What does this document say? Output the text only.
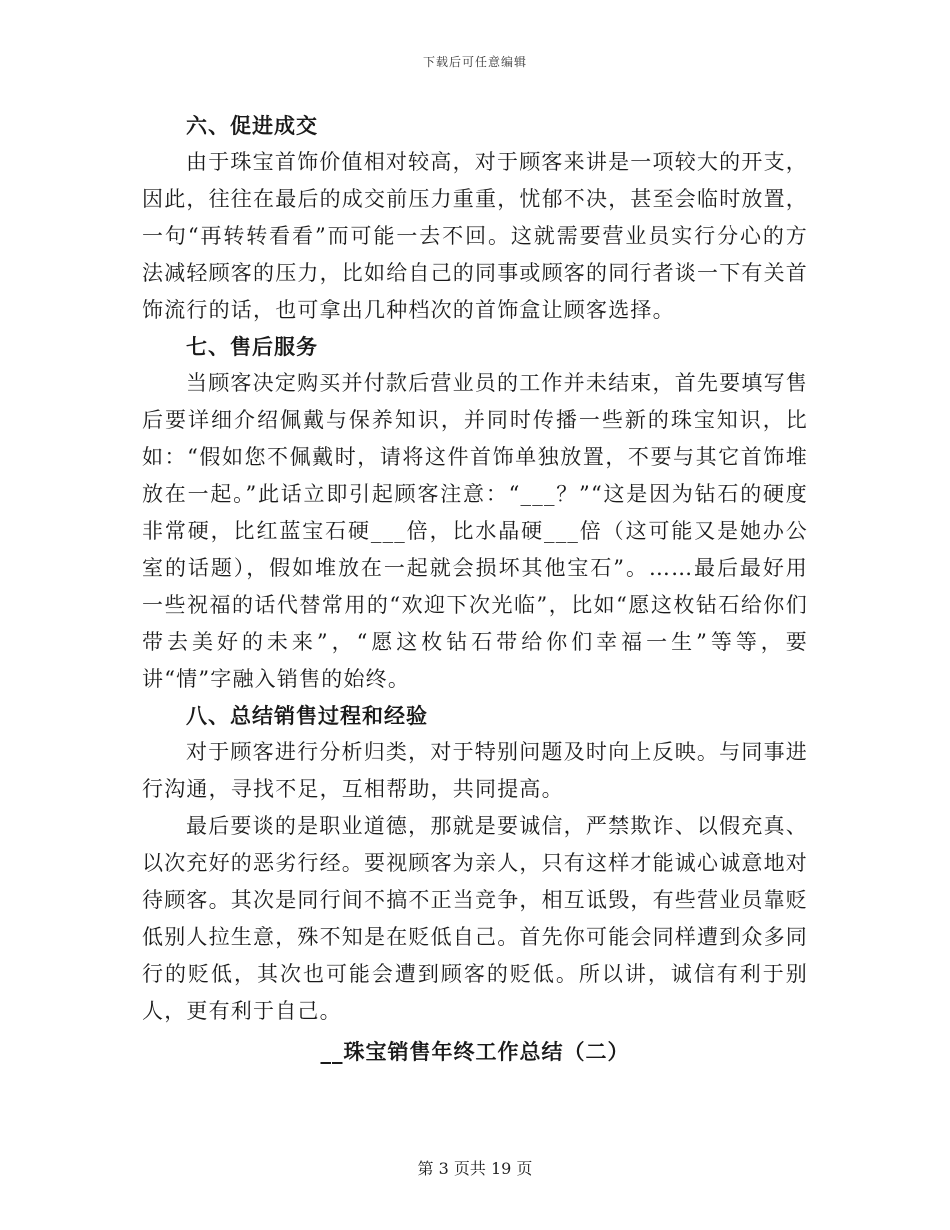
下载后可任意编辑

六、促进成交

由于珠宝首饰价值相对较高，对于顾客来讲是一项较大的开支，因此，往往在最后的成交前压力重重，忧郁不决，甚至会临时放置，一句“再转转看看”而可能一去不回。这就需要营业员实行分心的方法减轻顾客的压力，比如给自己的同事或顾客的同行者谈一下有关首饰流行的话，也可拿出几种档次的首饰盒让顾客选择。

七、售后服务

当顾客决定购买并付款后营业员的工作并未结束，首先要填写售后要详细介绍佩戴与保养知识，并同时传播一些新的珠宝知识，比如：“假如您不佩戴时，请将这件首饰单独放置，不要与其它首饰堆放在一起。”此话立即引起顾客注意：“___？”“这是因为钻石的硬度非常硬，比红蓝宝石硬___倍，比水晶硬___倍（这可能又是她办公室的话题），假如堆放在一起就会损坏其他宝石”。……最后最好用一些祝福的话代替常用的“欢迎下次光临”，比如“愿这枚钻石给你们带去美好的未来”，“愿这枚钻石带给你们幸福一生”等等，要讲“情”字融入销售的始终。

八、总结销售过程和经验

对于顾客进行分析归类，对于特别问题及时向上反映。与同事进行沟通，寻找不足，互相帮助，共同提高。

最后要谈的是职业道德，那就是要诚信，严禁欺诈、以假充真、以次充好的恶劣行经。要视顾客为亲人，只有这样才能诚心诚意地对待顾客。其次是同行间不搞不正当竞争，相互诋毁，有些营业员靠贬低别人拉生意，殊不知是在贬低自己。首先你可能会同样遭到众多同行的贬低，其次也可能会遭到顾客的贬低。所以讲，诚信有利于别人，更有利于自己。

__珠宝销售年终工作总结（二）

第 3 页共 19 页
